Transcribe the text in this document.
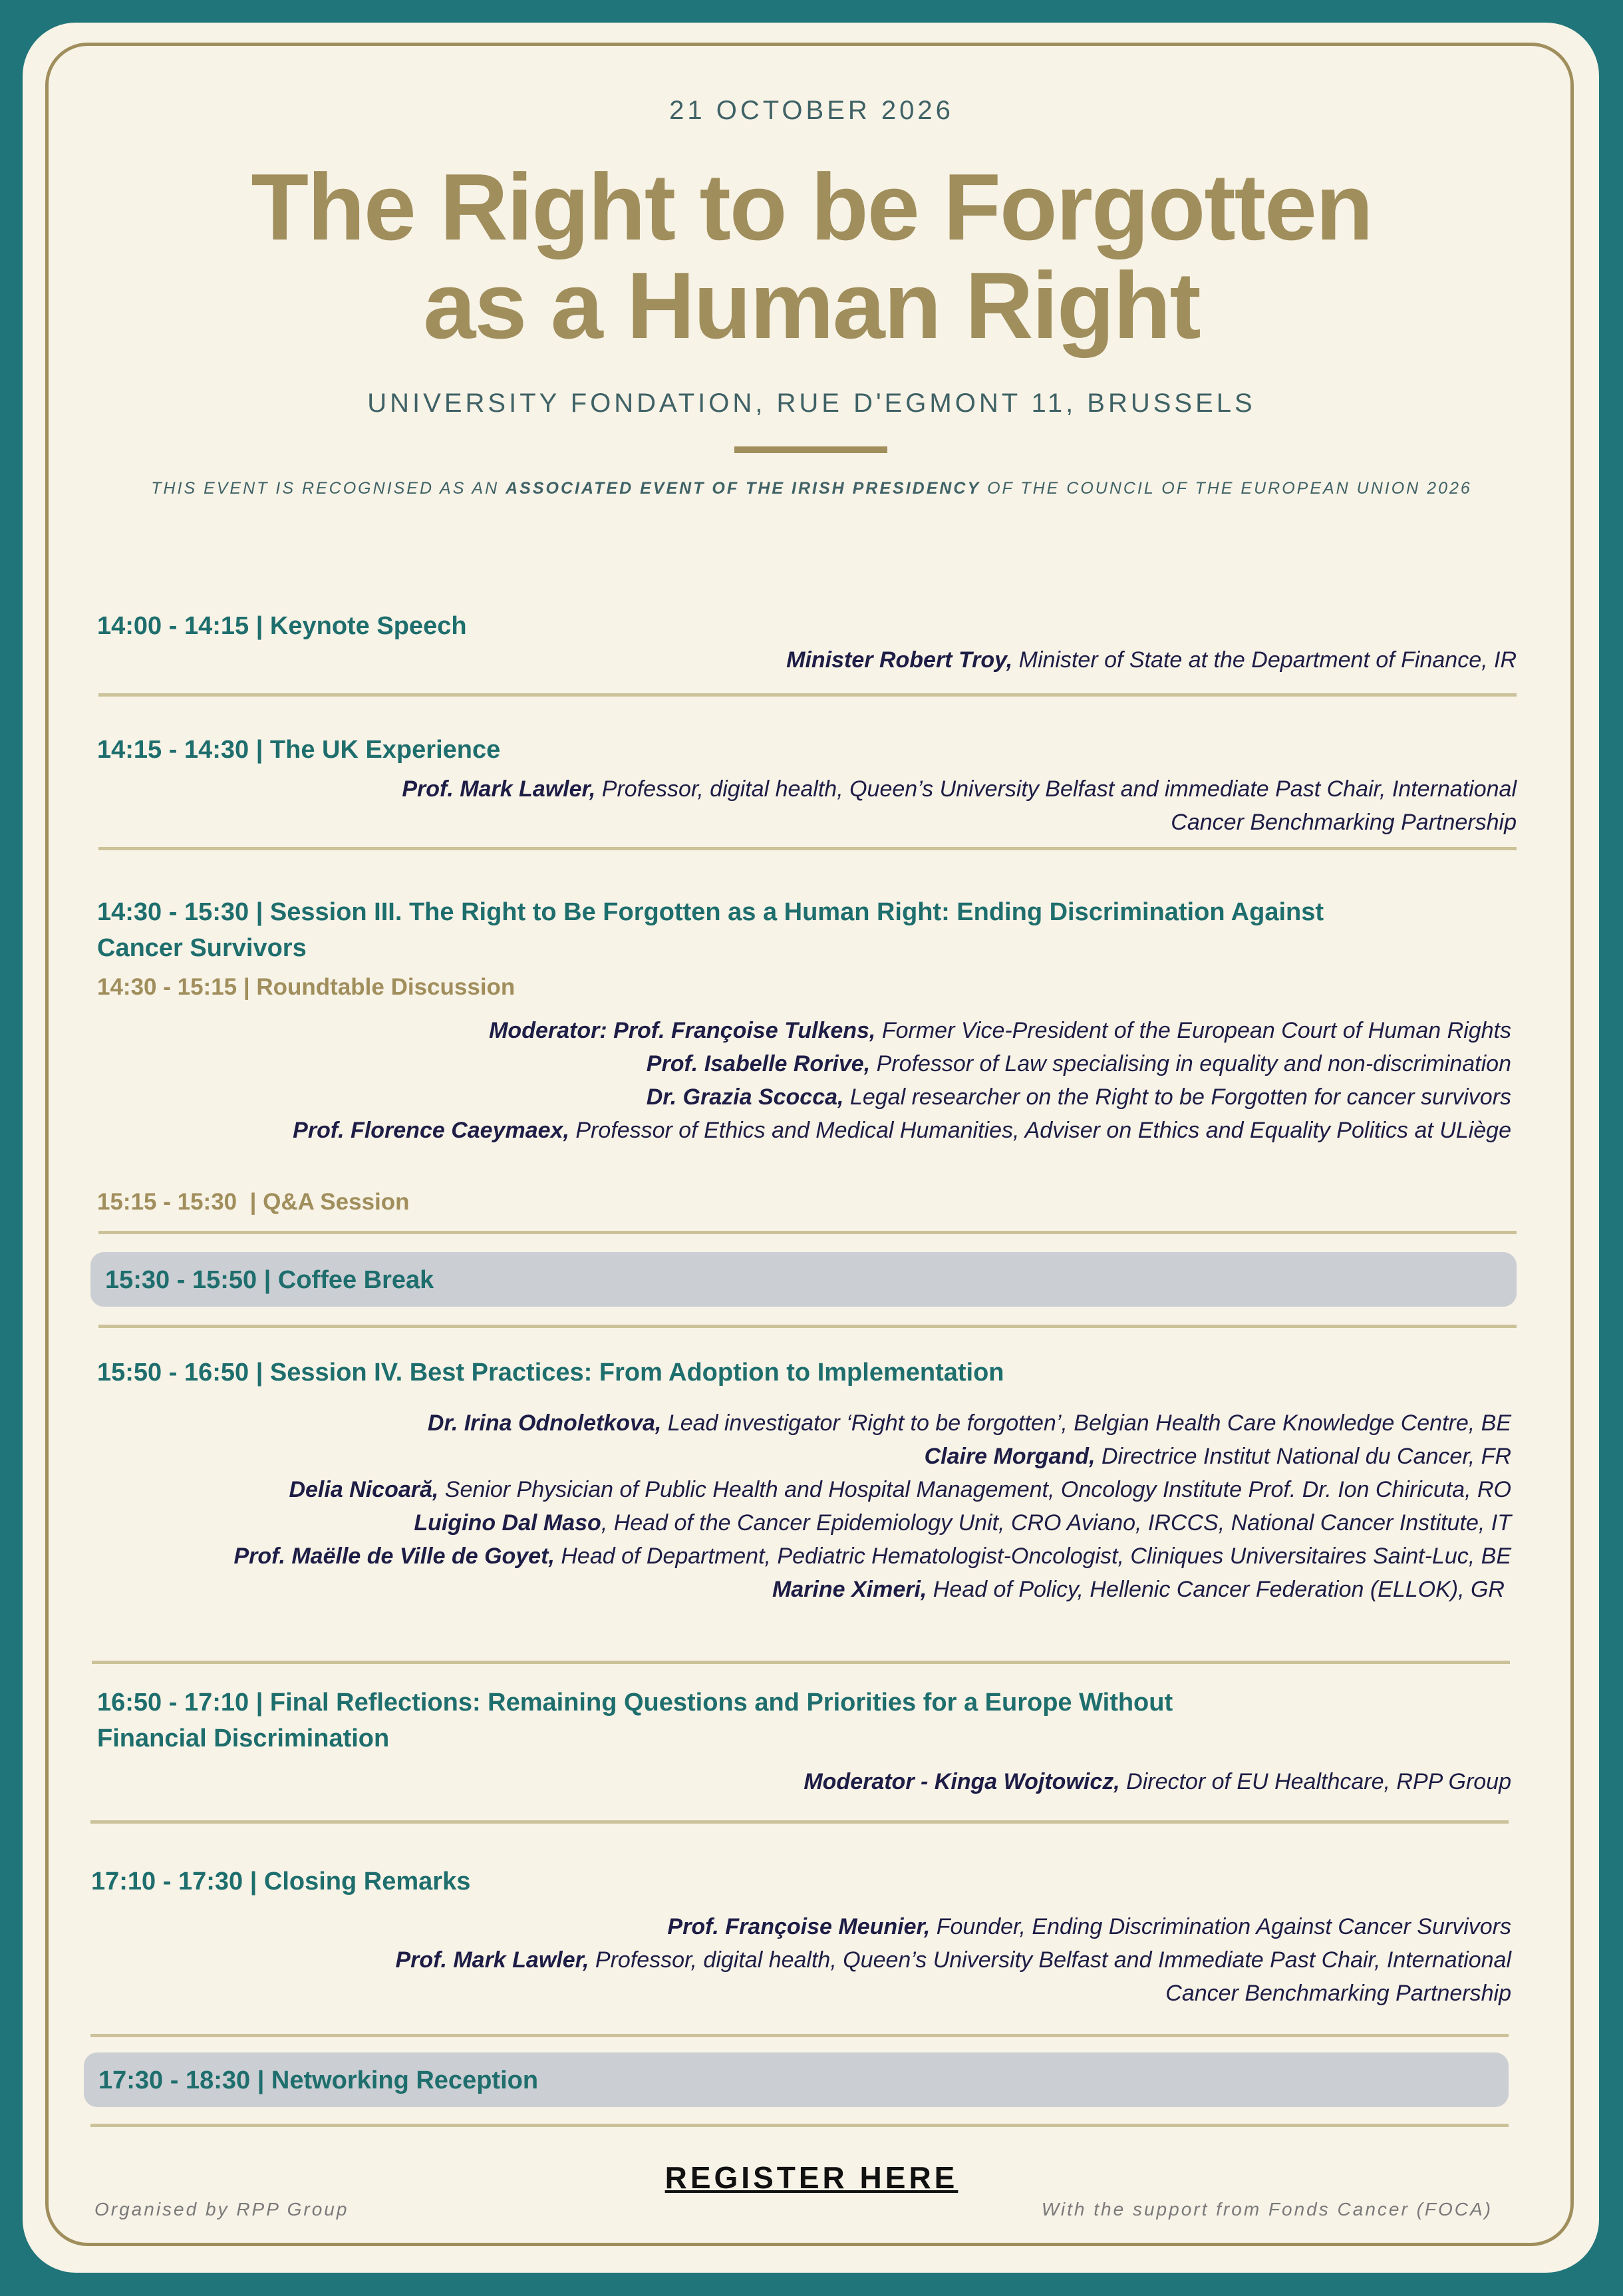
21 OCTOBER 2026
The Right to be Forgotten
as a Human Right
UNIVERSITY FONDATION, RUE D'EGMONT 11, BRUSSELS
THIS EVENT IS RECOGNISED AS AN ASSOCIATED EVENT OF THE IRISH PRESIDENCY OF THE COUNCIL OF THE EUROPEAN UNION 2026
14:00 - 14:15 | Keynote Speech
Minister Robert Troy, Minister of State at the Department of Finance, IR
14:15 - 14:30 | The UK Experience
Prof. Mark Lawler, Professor, digital health, Queen’s University Belfast and immediate Past Chair, International
Cancer Benchmarking Partnership
14:30 - 15:30 | Session III. The Right to Be Forgotten as a Human Right: Ending Discrimination Against
Cancer Survivors
14:30 - 15:15 | Roundtable Discussion
Moderator: Prof. Françoise Tulkens, Former Vice-President of the European Court of Human Rights
Prof. Isabelle Rorive, Professor of Law specialising in equality and non-discrimination
Dr. Grazia Scocca, Legal researcher on the Right to be Forgotten for cancer survivors
Prof. Florence Caeymaex, Professor of Ethics and Medical Humanities, Adviser on Ethics and Equality Politics at ULiège
15:15 - 15:30  | Q&A Session
15:30 - 15:50 | Coffee Break
15:50 - 16:50 | Session IV. Best Practices: From Adoption to Implementation
Dr. Irina Odnoletkova, Lead investigator ‘Right to be forgotten’, Belgian Health Care Knowledge Centre, BE
Claire Morgand, Directrice Institut National du Cancer, FR
Delia Nicoară, Senior Physician of Public Health and Hospital Management, Oncology Institute Prof. Dr. Ion Chiricuta, RO
Luigino Dal Maso, Head of the Cancer Epidemiology Unit, CRO Aviano, IRCCS, National Cancer Institute, IT
Prof. Maëlle de Ville de Goyet, Head of Department, Pediatric Hematologist-Oncologist, Cliniques Universitaires Saint-Luc, BE
Marine Ximeri, Head of Policy, Hellenic Cancer Federation (ELLOK), GR
16:50 - 17:10 | Final Reflections: Remaining Questions and Priorities for a Europe Without
Financial Discrimination
Moderator - Kinga Wojtowicz, Director of EU Healthcare, RPP Group
17:10 - 17:30 | Closing Remarks
Prof. Françoise Meunier, Founder, Ending Discrimination Against Cancer Survivors
Prof. Mark Lawler, Professor, digital health, Queen’s University Belfast and Immediate Past Chair, International
Cancer Benchmarking Partnership
17:30 - 18:30 | Networking Reception
REGISTER HERE
Organised by RPP Group	With the support from Fonds Cancer (FOCA)
